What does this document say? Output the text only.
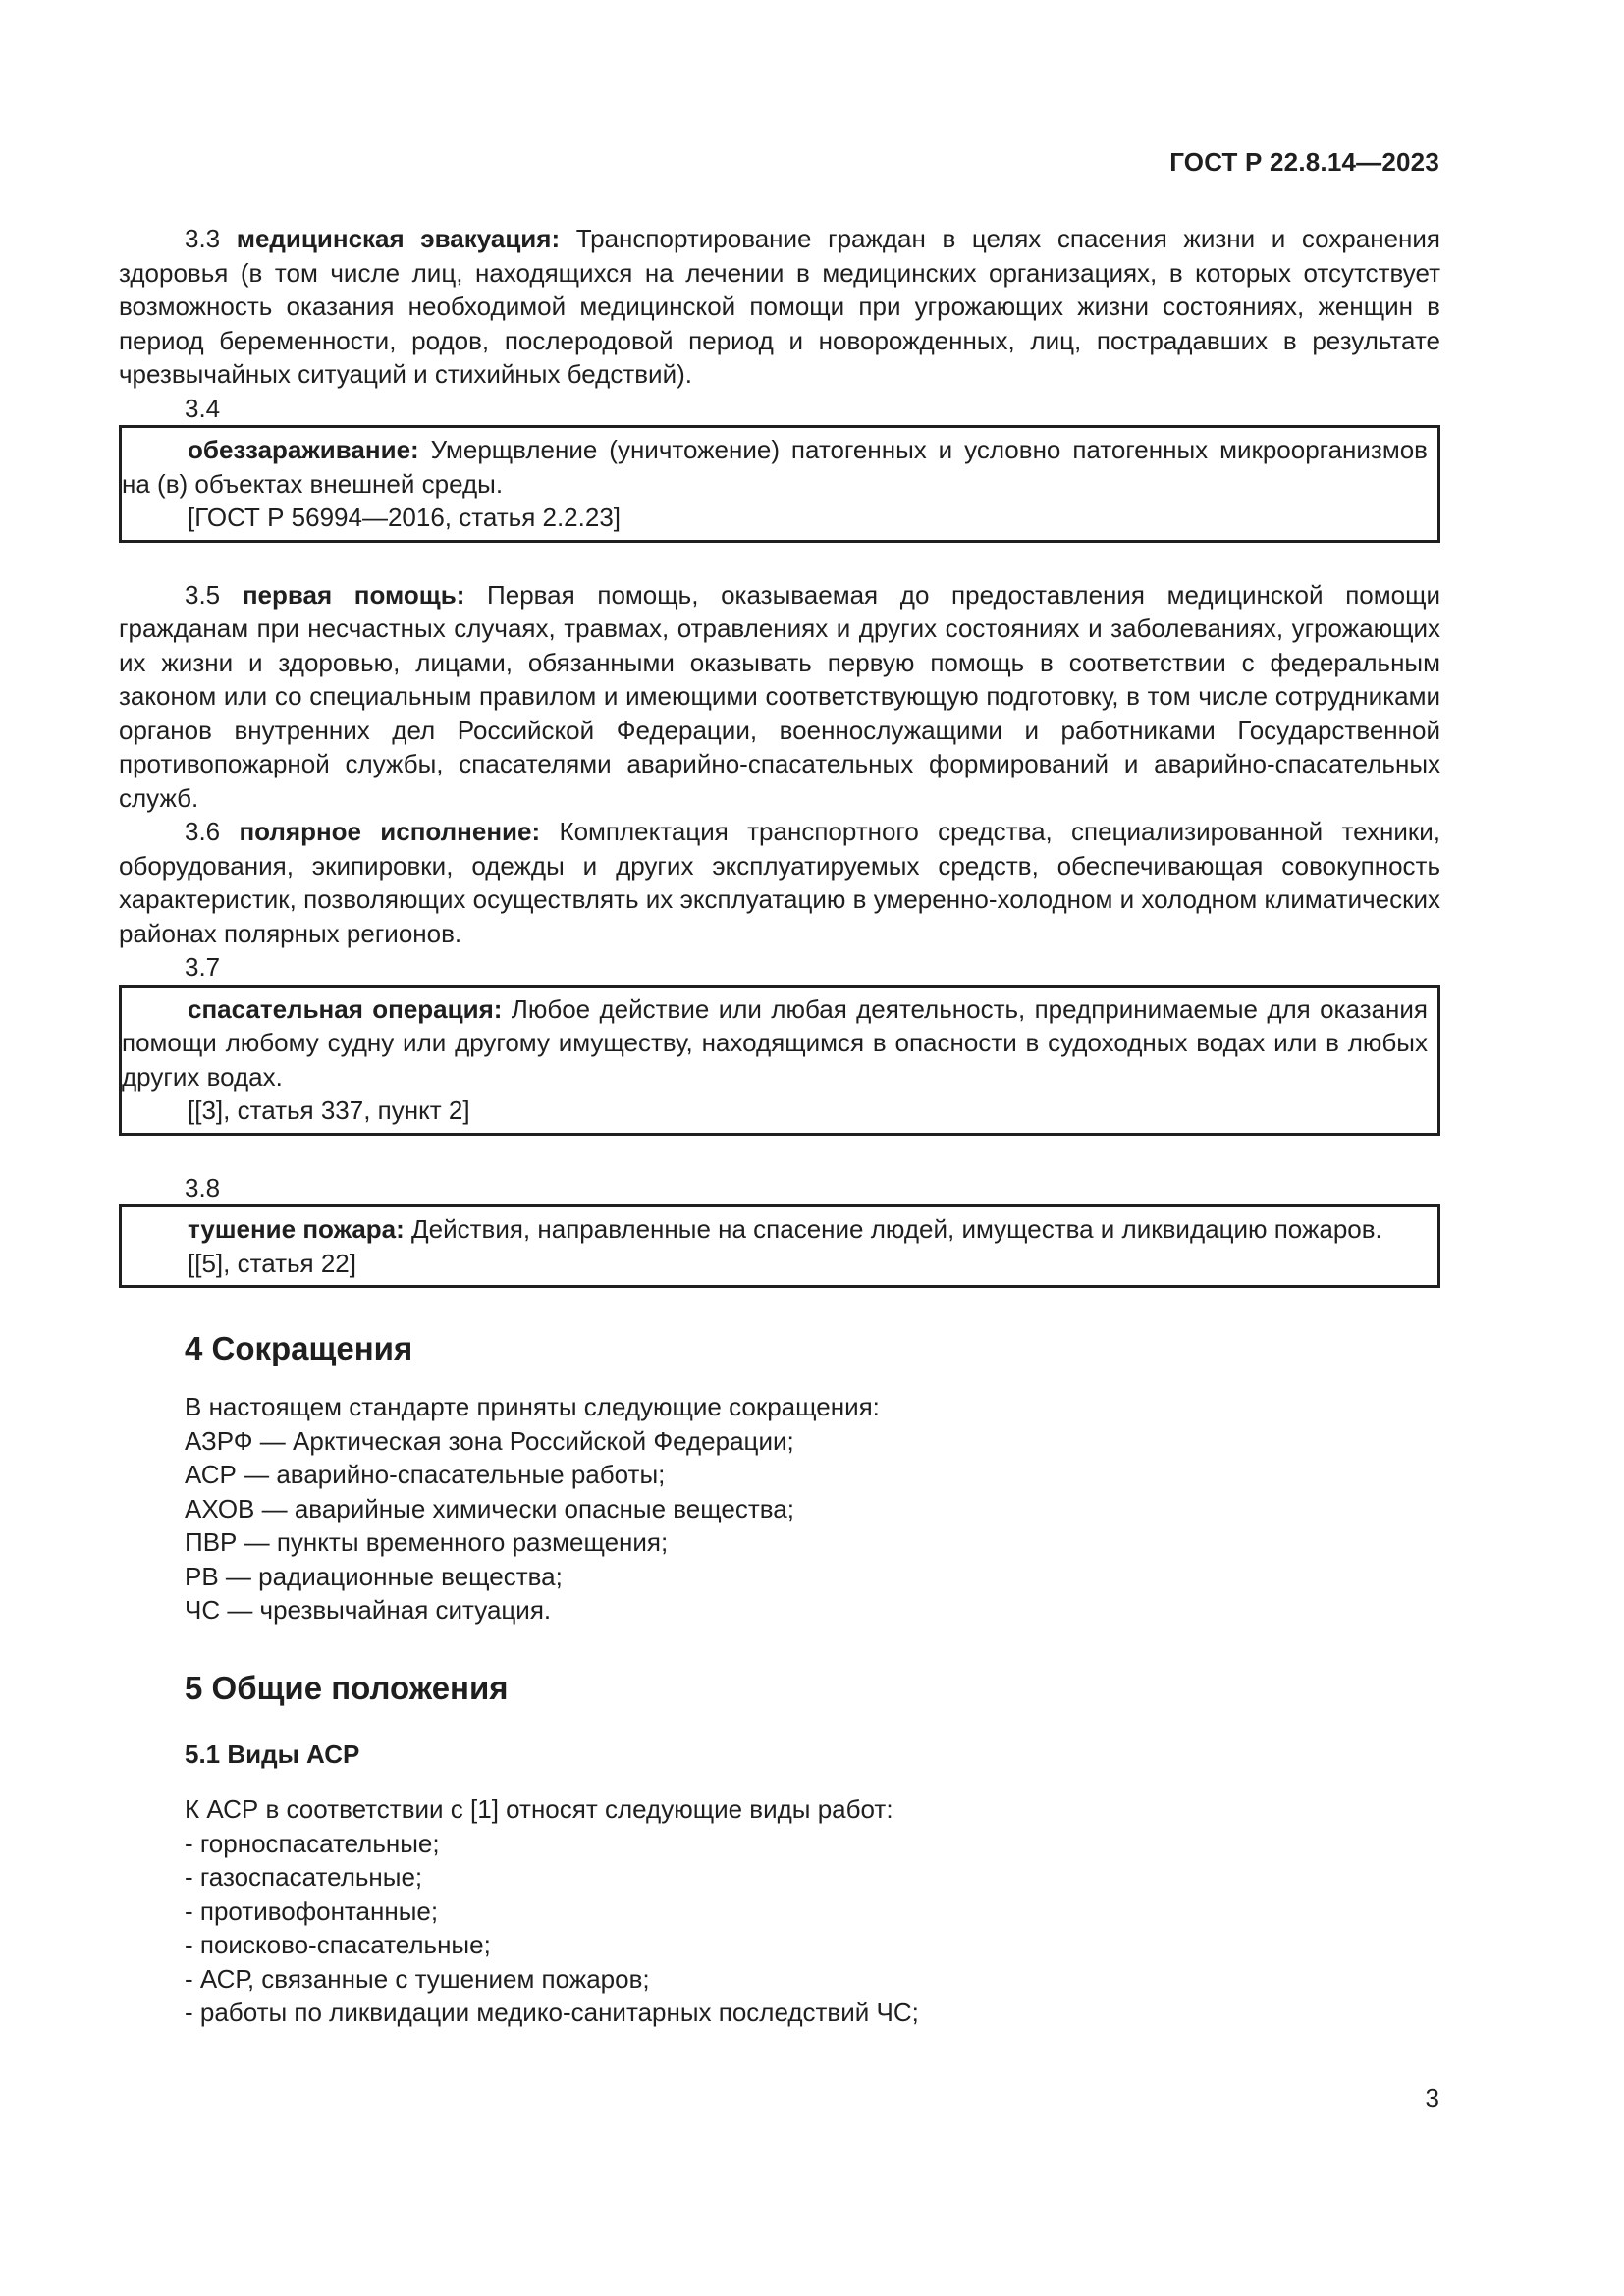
ГОСТ Р 22.8.14—2023

3.3 медицинская эвакуация: Транспортирование граждан в целях спасения жизни и сохранения здоровья (в том числе лиц, находящихся на лечении в медицинских организациях, в которых отсутствует возможность оказания необходимой медицинской помощи при угрожающих жизни состояниях, женщин в период беременности, родов, послеродовой период и новорожденных, лиц, пострадавших в результате чрезвычайных ситуаций и стихийных бедствий).

3.4

обеззараживание: Умерщвление (уничтожение) патогенных и условно патогенных микроорганизмов на (в) объектах внешней среды.

[ГОСТ Р 56994—2016, статья 2.2.23]

3.5 первая помощь: Первая помощь, оказываемая до предоставления медицинской помощи гражданам при несчастных случаях, травмах, отравлениях и других состояниях и заболеваниях, угрожающих их жизни и здоровью, лицами, обязанными оказывать первую помощь в соответствии с федеральным законом или со специальным правилом и имеющими соответствующую подготовку, в том числе сотрудниками органов внутренних дел Российской Федерации, военнослужащими и работниками Государственной противопожарной службы, спасателями аварийно-спасательных формирований и аварийно-спасательных служб.

3.6 полярное исполнение: Комплектация транспортного средства, специализированной техники, оборудования, экипировки, одежды и других эксплуатируемых средств, обеспечивающая совокупность характеристик, позволяющих осуществлять их эксплуатацию в умеренно-холодном и холодном климатических районах полярных регионов.

3.7

спасательная операция: Любое действие или любая деятельность, предпринимаемые для оказания помощи любому судну или другому имуществу, находящимся в опасности в судоходных водах или в любых других водах.

[[3], статья 337, пункт 2]

3.8

тушение пожара: Действия, направленные на спасение людей, имущества и ликвидацию пожаров.

[[5], статья 22]

4 Сокращения

В настоящем стандарте приняты следующие сокращения:

АЗРФ — Арктическая зона Российской Федерации;

АСР — аварийно-спасательные работы;

АХОВ — аварийные химически опасные вещества;

ПВР — пункты временного размещения;

РВ — радиационные вещества;

ЧС — чрезвычайная ситуация.

5 Общие положения
5.1 Виды АСР

К АСР в соответствии с [1] относят следующие виды работ:

- горноспасательные;

- газоспасательные;

- противофонтанные;

- поисково-спасательные;

- АСР, связанные с тушением пожаров;

- работы по ликвидации медико-санитарных последствий ЧС;

3
